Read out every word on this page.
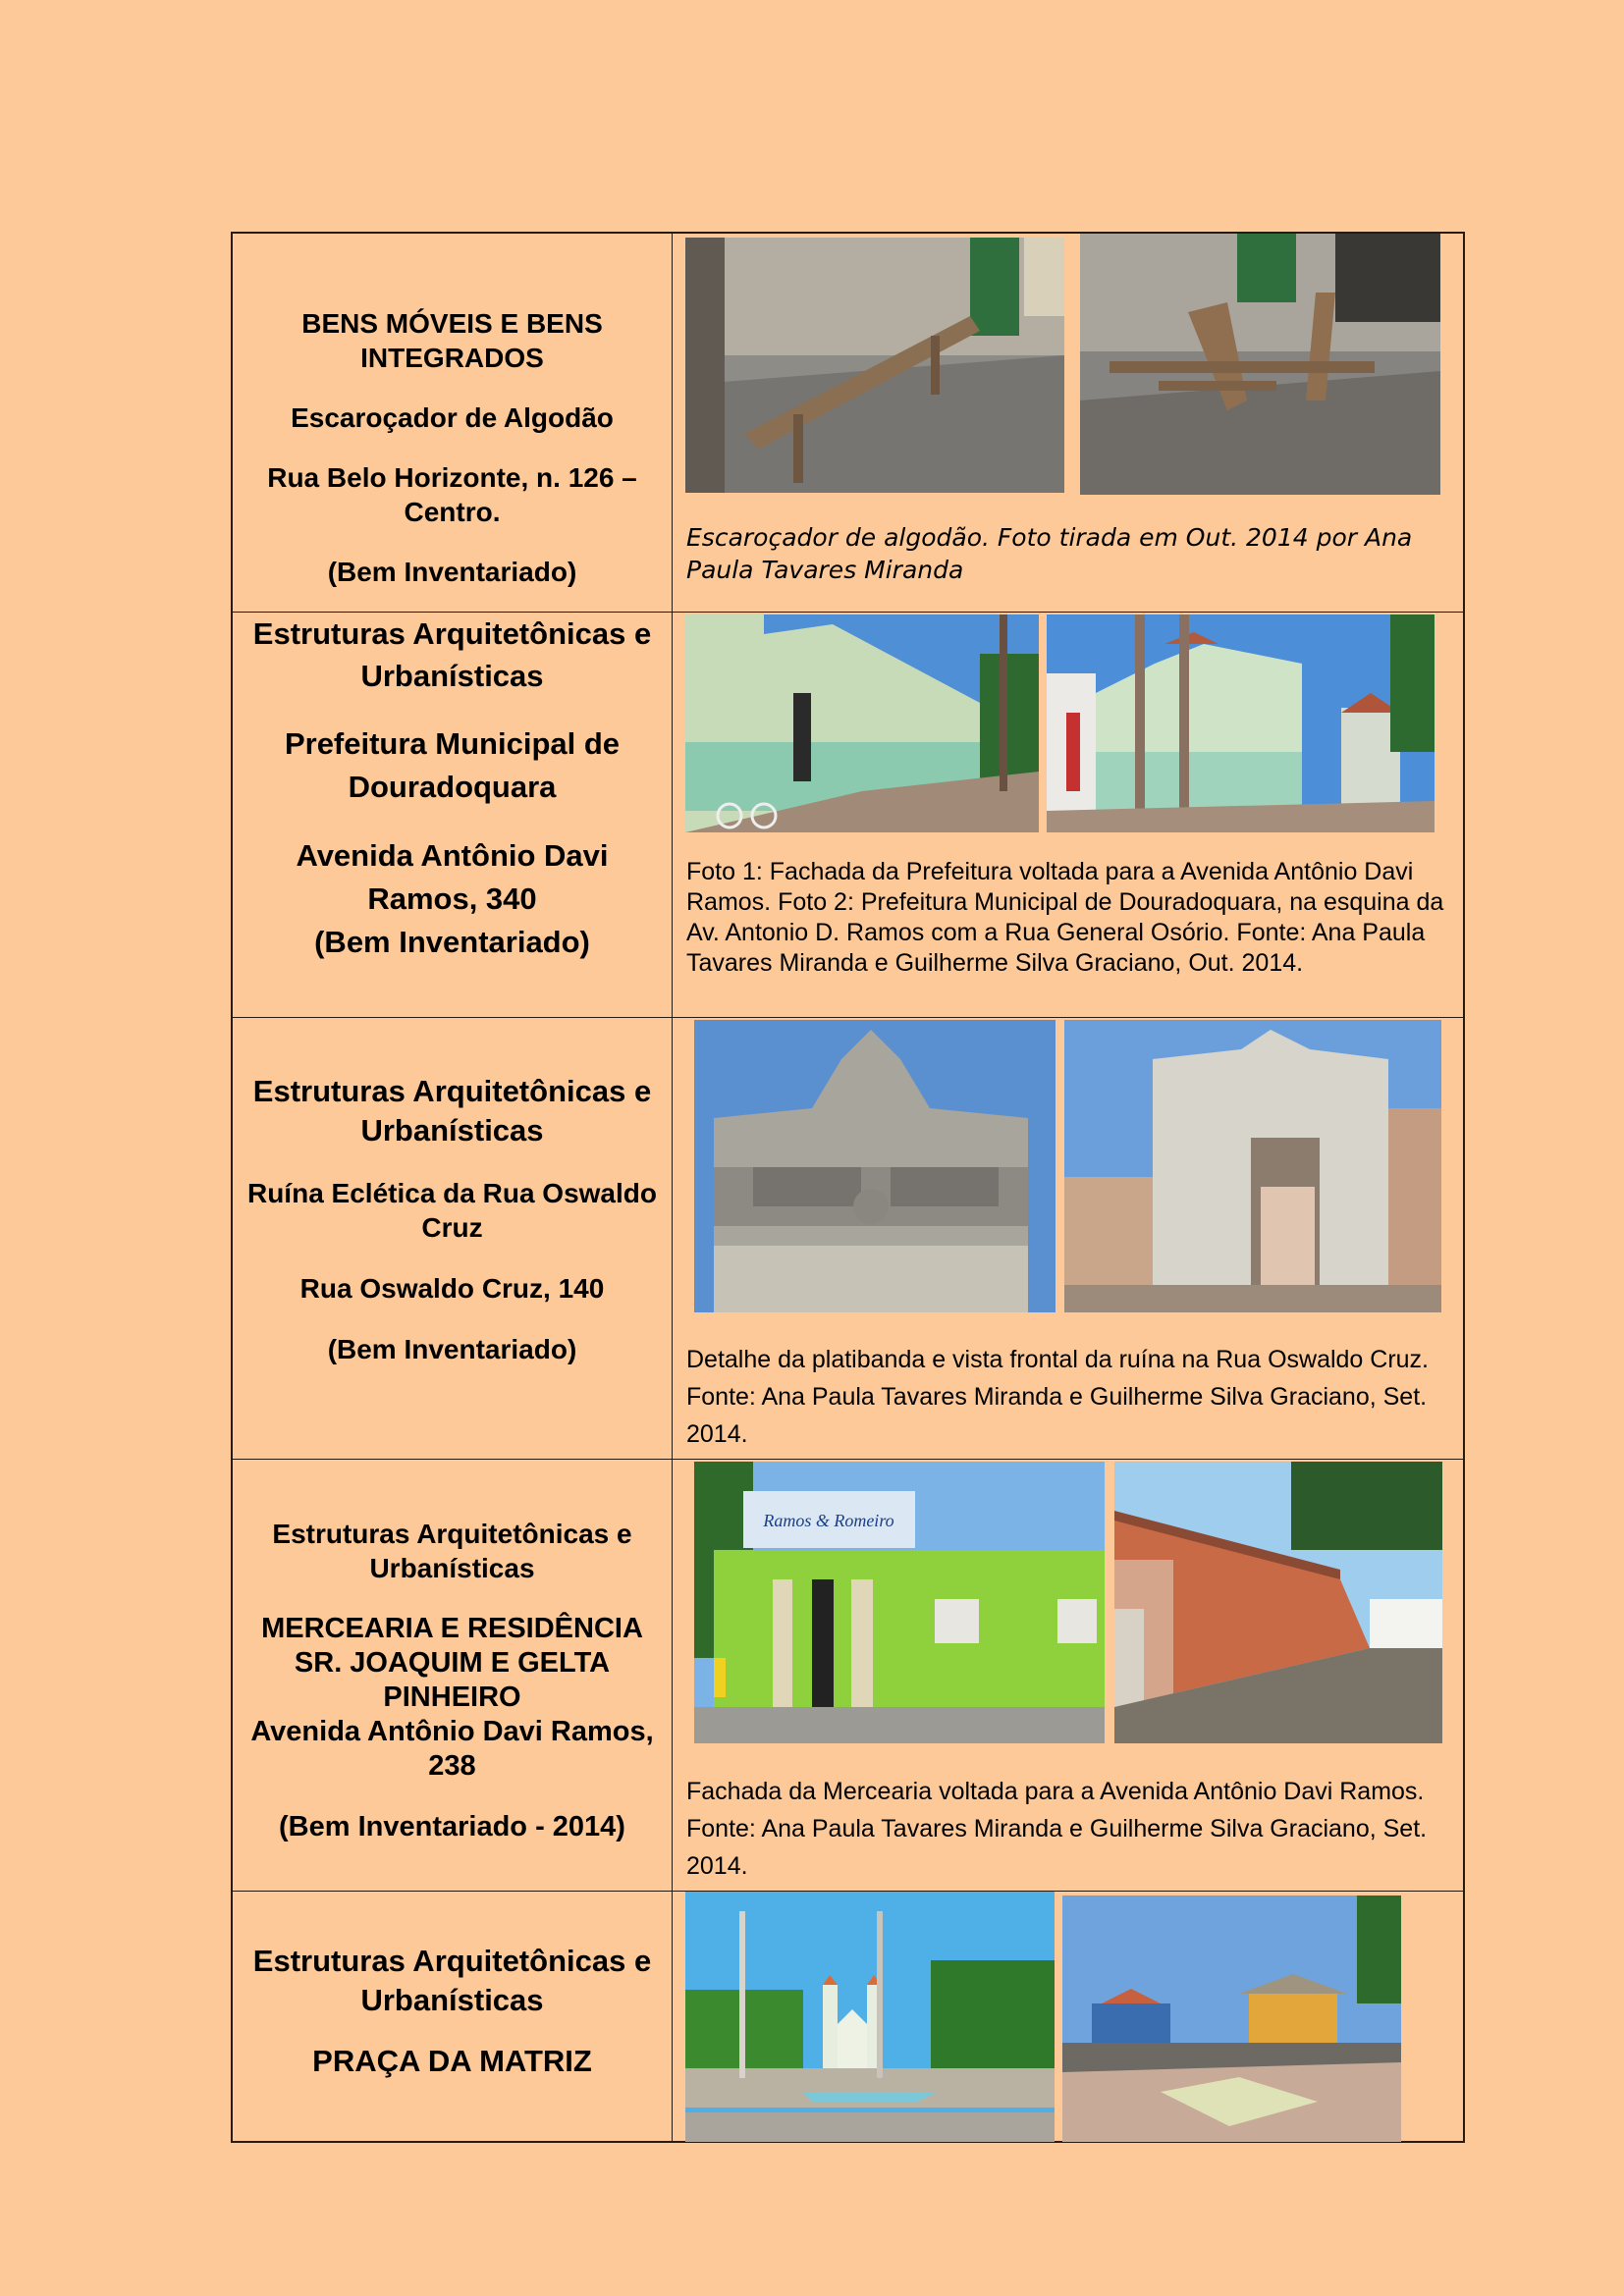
BENS MÓVEIS E BENS INTEGRADOS

Escaroçador de Algodão

Rua Belo Horizonte, n. 126 – Centro.

(Bem Inventariado)

Escaroçador de algodão. Foto tirada em Out. 2014 por Ana Paula Tavares Miranda

Estruturas Arquitetônicas e Urbanísticas

Prefeitura Municipal de Douradoquara

Avenida Antônio Davi Ramos, 340

(Bem Inventariado)

Foto 1: Fachada da Prefeitura voltada para a Avenida Antônio Davi Ramos. Foto 2: Prefeitura Municipal de Douradoquara, na esquina da Av. Antonio D. Ramos com a Rua General Osório. Fonte: Ana Paula Tavares Miranda e Guilherme Silva Graciano, Out. 2014.

Estruturas Arquitetônicas e Urbanísticas

Ruína Eclética da Rua Oswaldo Cruz

Rua Oswaldo Cruz, 140

(Bem Inventariado)	Detalhe da platibanda e vista frontal da ruína na Rua Oswaldo Cruz. Fonte: Ana Paula Tavares Miranda e Guilherme Silva Graciano, Set. 2014.

Estruturas Arquitetônicas e Urbanísticas

MERCEARIA E RESIDÊNCIA SR. JOAQUIM E GELTA PINHEIRO

Avenida Antônio Davi Ramos, 238

(Bem Inventariado - 2014)

Ramos & Romeiro

Fachada da Mercearia voltada para a Avenida Antônio Davi Ramos. Fonte: Ana Paula Tavares Miranda e Guilherme Silva Graciano, Set. 2014.

Estruturas Arquitetônicas e Urbanísticas

PRAÇA DA MATRIZ
